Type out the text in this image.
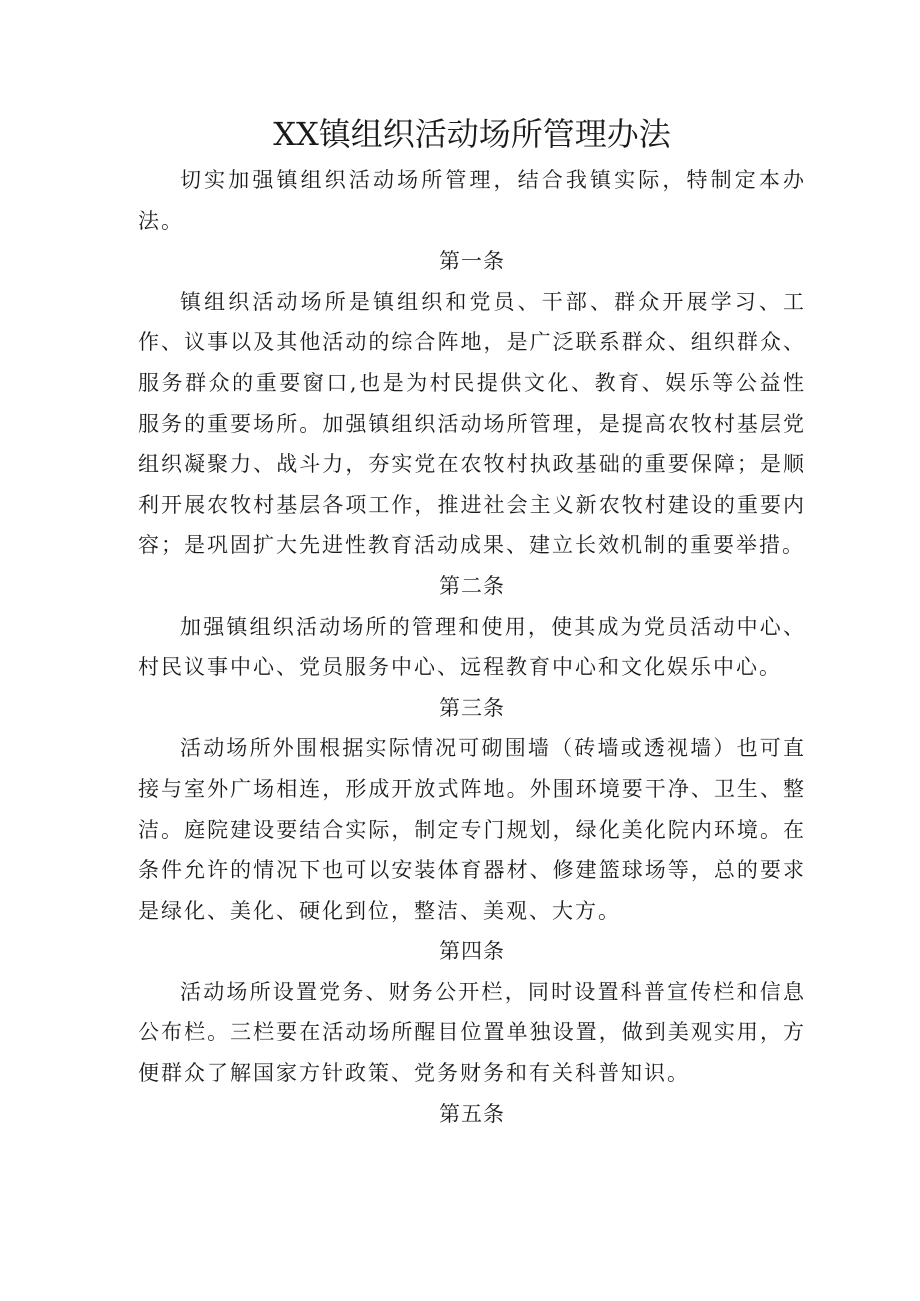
XX镇组织活动场所管理办法

切实加强镇组织活动场所管理，结合我镇实际，特制定本办法。

第一条

镇组织活动场所是镇组织和党员、干部、群众开展学习、工作、议事以及其他活动的综合阵地，是广泛联系群众、组织群众、服务群众的重要窗口,也是为村民提供文化、教育、娱乐等公益性服务的重要场所。加强镇组织活动场所管理，是提高农牧村基层党组织凝聚力、战斗力，夯实党在农牧村执政基础的重要保障；是顺利开展农牧村基层各项工作，推进社会主义新农牧村建设的重要内容；是巩固扩大先进性教育活动成果、建立长效机制的重要举措。

第二条

加强镇组织活动场所的管理和使用，使其成为党员活动中心、村民议事中心、党员服务中心、远程教育中心和文化娱乐中心。

第三条

活动场所外围根据实际情况可砌围墙（砖墙或透视墙）也可直接与室外广场相连，形成开放式阵地。外围环境要干净、卫生、整洁。庭院建设要结合实际，制定专门规划，绿化美化院内环境。在条件允许的情况下也可以安装体育器材、修建篮球场等，总的要求是绿化、美化、硬化到位，整洁、美观、大方。

第四条

活动场所设置党务、财务公开栏，同时设置科普宣传栏和信息公布栏。三栏要在活动场所醒目位置单独设置，做到美观实用，方便群众了解国家方针政策、党务财务和有关科普知识。

第五条
